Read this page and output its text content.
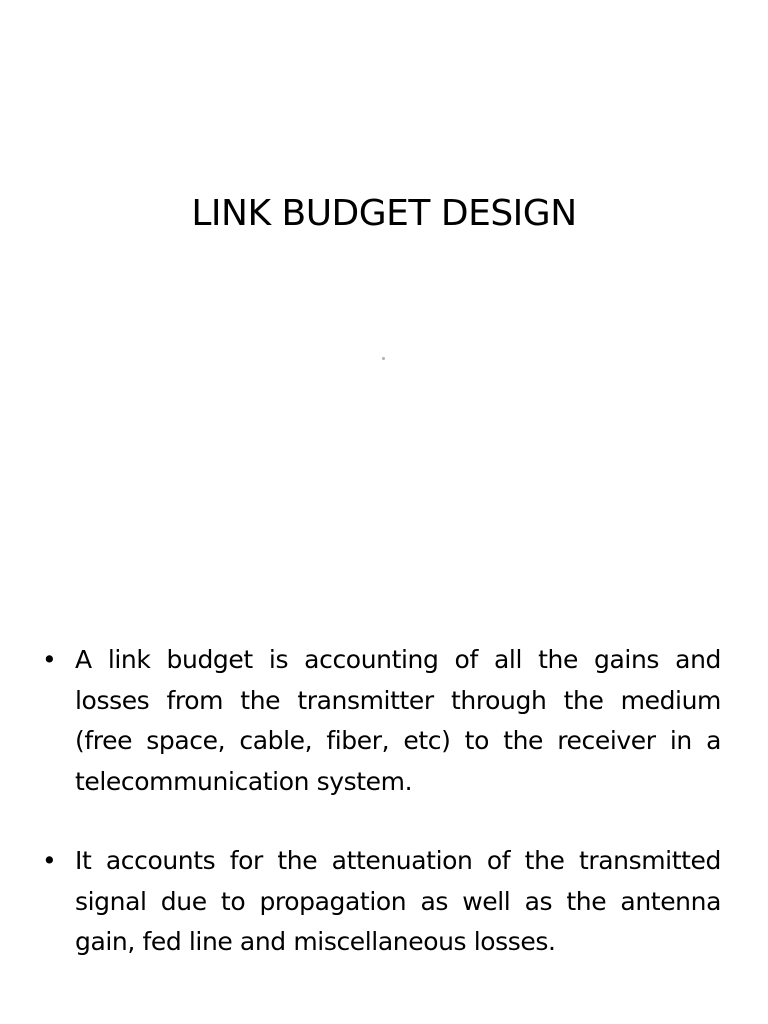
LINK BUDGET DESIGN
• A link budget is accounting of all the gains and losses from the transmitter through the medium (free space, cable, fiber, etc) to the receiver in a telecommunication system.
• It accounts for the attenuation of the transmitted signal due to propagation as well as the antenna gain, fed line and miscellaneous losses.
